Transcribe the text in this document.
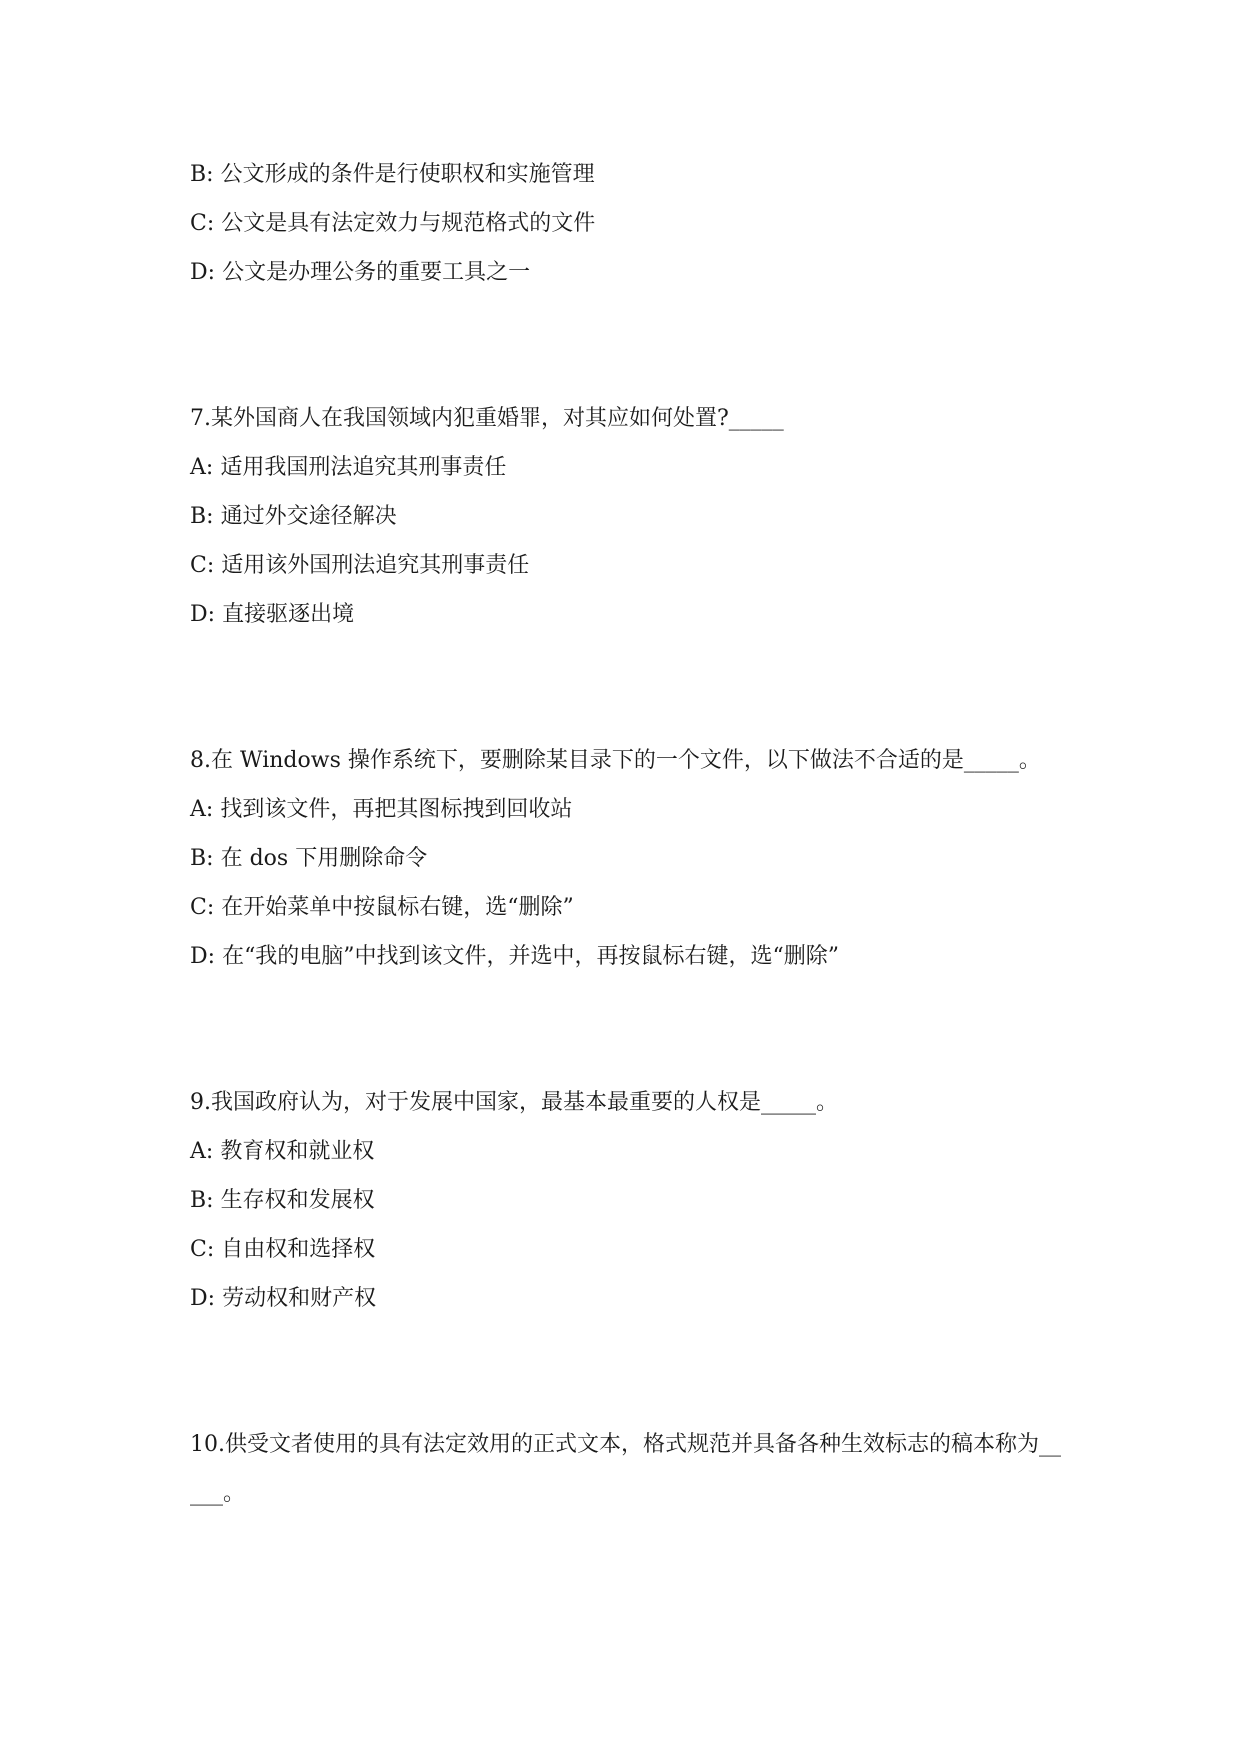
B: 公文形成的条件是行使职权和实施管理
C: 公文是具有法定效力与规范格式的文件
D: 公文是办理公务的重要工具之一
7.某外国商人在我国领域内犯重婚罪，对其应如何处置?_____
A: 适用我国刑法追究其刑事责任
B: 通过外交途径解决
C: 适用该外国刑法追究其刑事责任
D: 直接驱逐出境
8.在 Windows 操作系统下，要删除某目录下的一个文件，以下做法不合适的是_____。
A: 找到该文件，再把其图标拽到回收站
B: 在 dos 下用删除命令
C: 在开始菜单中按鼠标右键，选“删除”
D: 在“我的电脑”中找到该文件，并选中，再按鼠标右键，选“删除”
9.我国政府认为，对于发展中国家，最基本最重要的人权是_____。
A: 教育权和就业权
B: 生存权和发展权
C: 自由权和选择权
D: 劳动权和财产权
10.供受文者使用的具有法定效用的正式文本，格式规范并具备各种生效标志的稿本称为_____。
